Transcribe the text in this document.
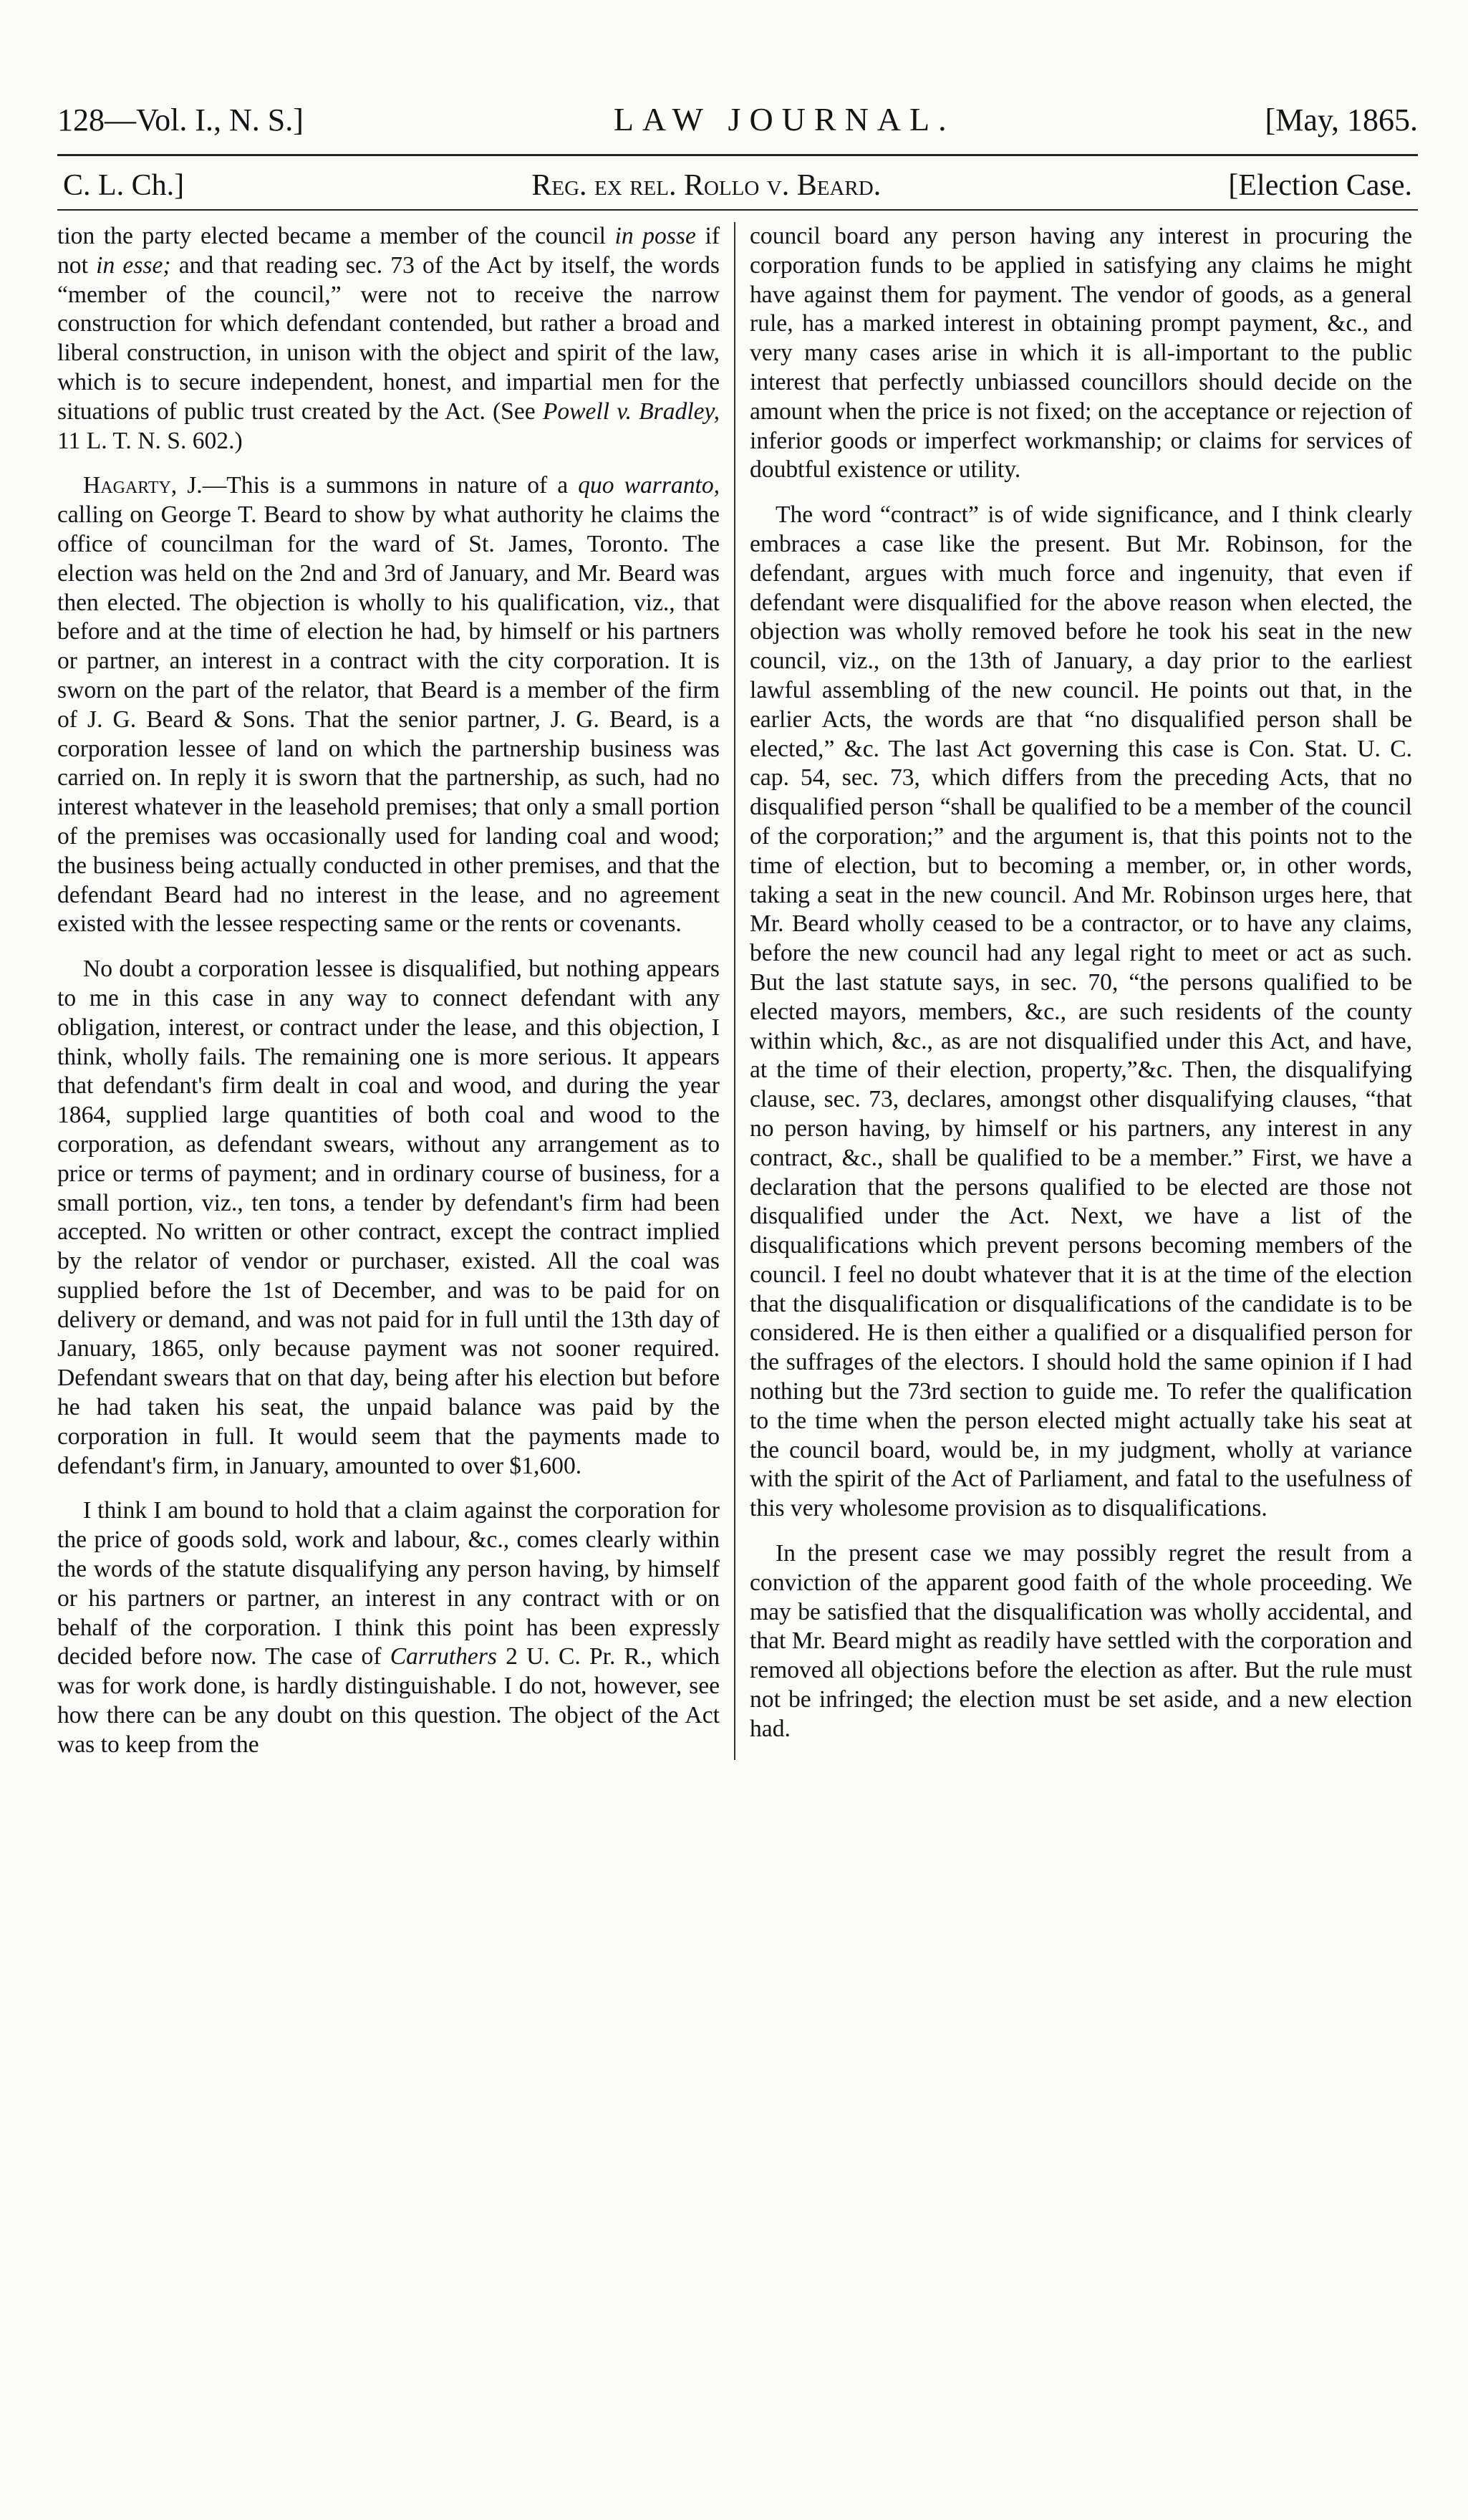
128—Vol. I., N. S.]	LAW JOURNAL.	[May, 1865.
C. L. Ch.]	Reg. ex rel. Rollo v. Beard.	[Election Case.

tion the party elected became a member of the council in posse if not in esse; and that reading sec. 73 of the Act by itself, the words “member of the council,” were not to receive the narrow construction for which defendant contended, but rather a broad and liberal construction, in unison with the object and spirit of the law, which is to secure independent, honest, and impartial men for the situations of public trust created by the Act. (See Powell v. Bradley, 11 L. T. N. S. 602.)

Hagarty, J.—This is a summons in nature of a quo warranto, calling on George T. Beard to show by what authority he claims the office of councilman for the ward of St. James, Toronto. The election was held on the 2nd and 3rd of January, and Mr. Beard was then elected. The objection is wholly to his qualification, viz., that before and at the time of election he had, by himself or his partners or partner, an interest in a contract with the city corporation. It is sworn on the part of the relator, that Beard is a member of the firm of J. G. Beard & Sons. That the senior partner, J. G. Beard, is a corporation lessee of land on which the partnership business was carried on. In reply it is sworn that the partnership, as such, had no interest whatever in the leasehold premises; that only a small portion of the premises was occasionally used for landing coal and wood; the business being actually conducted in other premises, and that the defendant Beard had no interest in the lease, and no agreement existed with the lessee respecting same or the rents or covenants.

No doubt a corporation lessee is disqualified, but nothing appears to me in this case in any way to connect defendant with any obligation, interest, or contract under the lease, and this objection, I think, wholly fails. The remaining one is more serious. It appears that defendant's firm dealt in coal and wood, and during the year 1864, supplied large quantities of both coal and wood to the corporation, as defendant swears, without any arrangement as to price or terms of payment; and in ordinary course of business, for a small portion, viz., ten tons, a tender by defendant's firm had been accepted. No written or other contract, except the contract implied by the relator of vendor or purchaser, existed. All the coal was supplied before the 1st of December, and was to be paid for on delivery or demand, and was not paid for in full until the 13th day of January, 1865, only because payment was not sooner required. Defendant swears that on that day, being after his election but before he had taken his seat, the unpaid balance was paid by the corporation in full. It would seem that the payments made to defendant's firm, in January, amounted to over $1,600.

I think I am bound to hold that a claim against the corporation for the price of goods sold, work and labour, &c., comes clearly within the words of the statute disqualifying any person having, by himself or his partners or partner, an interest in any contract with or on behalf of the corporation. I think this point has been expressly decided before now. The case of Carruthers 2 U. C. Pr. R., which was for work done, is hardly distinguishable. I do not, however, see how there can be any doubt on this question. The object of the Act was to keep from the

council board any person having any interest in procuring the corporation funds to be applied in satisfying any claims he might have against them for payment. The vendor of goods, as a general rule, has a marked interest in obtaining prompt payment, &c., and very many cases arise in which it is all-important to the public interest that perfectly unbiassed councillors should decide on the amount when the price is not fixed; on the acceptance or rejection of inferior goods or imperfect workmanship; or claims for services of doubtful existence or utility.

The word “contract” is of wide significance, and I think clearly embraces a case like the present. But Mr. Robinson, for the defendant, argues with much force and ingenuity, that even if defendant were disqualified for the above reason when elected, the objection was wholly removed before he took his seat in the new council, viz., on the 13th of January, a day prior to the earliest lawful assembling of the new council. He points out that, in the earlier Acts, the words are that “no disqualified person shall be elected,” &c. The last Act governing this case is Con. Stat. U. C. cap. 54, sec. 73, which differs from the preceding Acts, that no disqualified person “shall be qualified to be a member of the council of the corporation;” and the argument is, that this points not to the time of election, but to becoming a member, or, in other words, taking a seat in the new council. And Mr. Robinson urges here, that Mr. Beard wholly ceased to be a contractor, or to have any claims, before the new council had any legal right to meet or act as such. But the last statute says, in sec. 70, “the persons qualified to be elected mayors, members, &c., are such residents of the county within which, &c., as are not disqualified under this Act, and have, at the time of their election, property,”&c. Then, the disqualifying clause, sec. 73, declares, amongst other disqualifying clauses, “that no person having, by himself or his partners, any interest in any contract, &c., shall be qualified to be a member.” First, we have a declaration that the persons qualified to be elected are those not disqualified under the Act. Next, we have a list of the disqualifications which prevent persons becoming members of the council. I feel no doubt whatever that it is at the time of the election that the disqualification or disqualifications of the candidate is to be considered. He is then either a qualified or a disqualified person for the suffrages of the electors. I should hold the same opinion if I had nothing but the 73rd section to guide me. To refer the qualification to the time when the person elected might actually take his seat at the council board, would be, in my judgment, wholly at variance with the spirit of the Act of Parliament, and fatal to the usefulness of this very wholesome provision as to disqualifications.

In the present case we may possibly regret the result from a conviction of the apparent good faith of the whole proceeding. We may be satisfied that the disqualification was wholly accidental, and that Mr. Beard might as readily have settled with the corporation and removed all objections before the election as after. But the rule must not be infringed; the election must be set aside, and a new election had.
